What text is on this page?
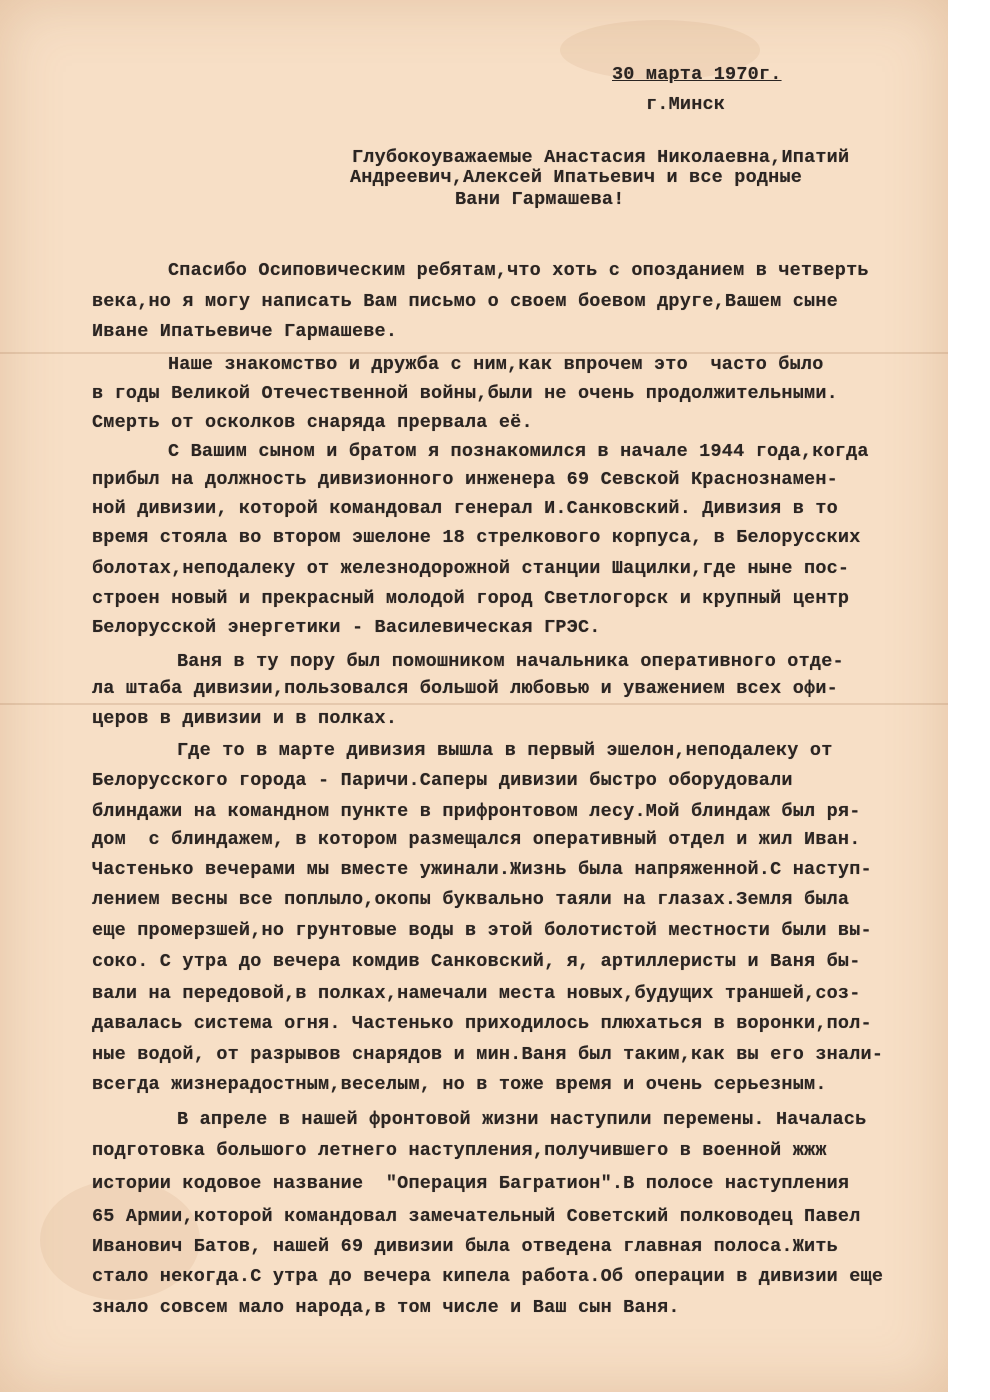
30 марта 1970г.
г.Минск
Глубокоуважаемые Анастасия Николаевна,Ипатий
Андреевич,Алексей Ипатьевич и все родные
Вани Гармашева!
Спасибо Осиповическим ребятам,что хоть с опозданием в четверть
века,но я могу написать Вам письмо о своем боевом друге,Вашем сыне
Иване Ипатьевиче Гармашеве.
Наше знакомство и дружба с ним,как впрочем это  часто было
в годы Великой Отечественной войны,были не очень продолжительными.
Смерть от осколков снаряда прервала её.
С Вашим сыном и братом я познакомился в начале 1944 года,когда
прибыл на должность дивизионного инженера 69 Севской Краснознамен-
ной дивизии, которой командовал генерал И.Санковский. Дивизия в то
время стояла во втором эшелоне 18 стрелкового корпуса, в Белорусских
болотах,неподалеку от железнодорожной станции Шацилки,где ныне пос-
строен новый и прекрасный молодой город Светлогорск и крупный центр
Белорусской энергетики - Василевическая ГРЭС.
Ваня в ту пору был помошником начальника оперативного отде-
ла штаба дивизии,пользовался большой любовью и уважением всех офи-
церов в дивизии и в полках.
Где то в марте дивизия вышла в первый эшелон,неподалеку от
Белорусского города - Паричи.Саперы дивизии быстро оборудовали
блиндажи на командном пункте в прифронтовом лесу.Мой блиндаж был ря-
дом  с блиндажем, в котором размещался оперативный отдел и жил Иван.
Частенько вечерами мы вместе ужинали.Жизнь была напряженной.С наступ-
лением весны все поплыло,окопы буквально таяли на глазах.Земля была
еще промерзшей,но грунтовые воды в этой болотистой местности были вы-
соко. С утра до вечера комдив Санковский, я, артиллеристы и Ваня бы-
вали на передовой,в полках,намечали места новых,будущих траншей,соз-
давалась система огня. Частенько приходилось плюхаться в воронки,пол-
ные водой, от разрывов снарядов и мин.Ваня был таким,как вы его знали-
всегда жизнерадостным,веселым, но в тоже время и очень серьезным.
В апреле в нашей фронтовой жизни наступили перемены. Началась
подготовка большого летнего наступления,получившего в военной жжж
истории кодовое название  "Операция Багратион".В полосе наступления
65 Армии,которой командовал замечательный Советский полководец Павел
Иванович Батов, нашей 69 дивизии была отведена главная полоса.Жить
стало некогда.С утра до вечера кипела работа.Об операции в дивизии еще
знало совсем мало народа,в том числе и Ваш сын Ваня.
